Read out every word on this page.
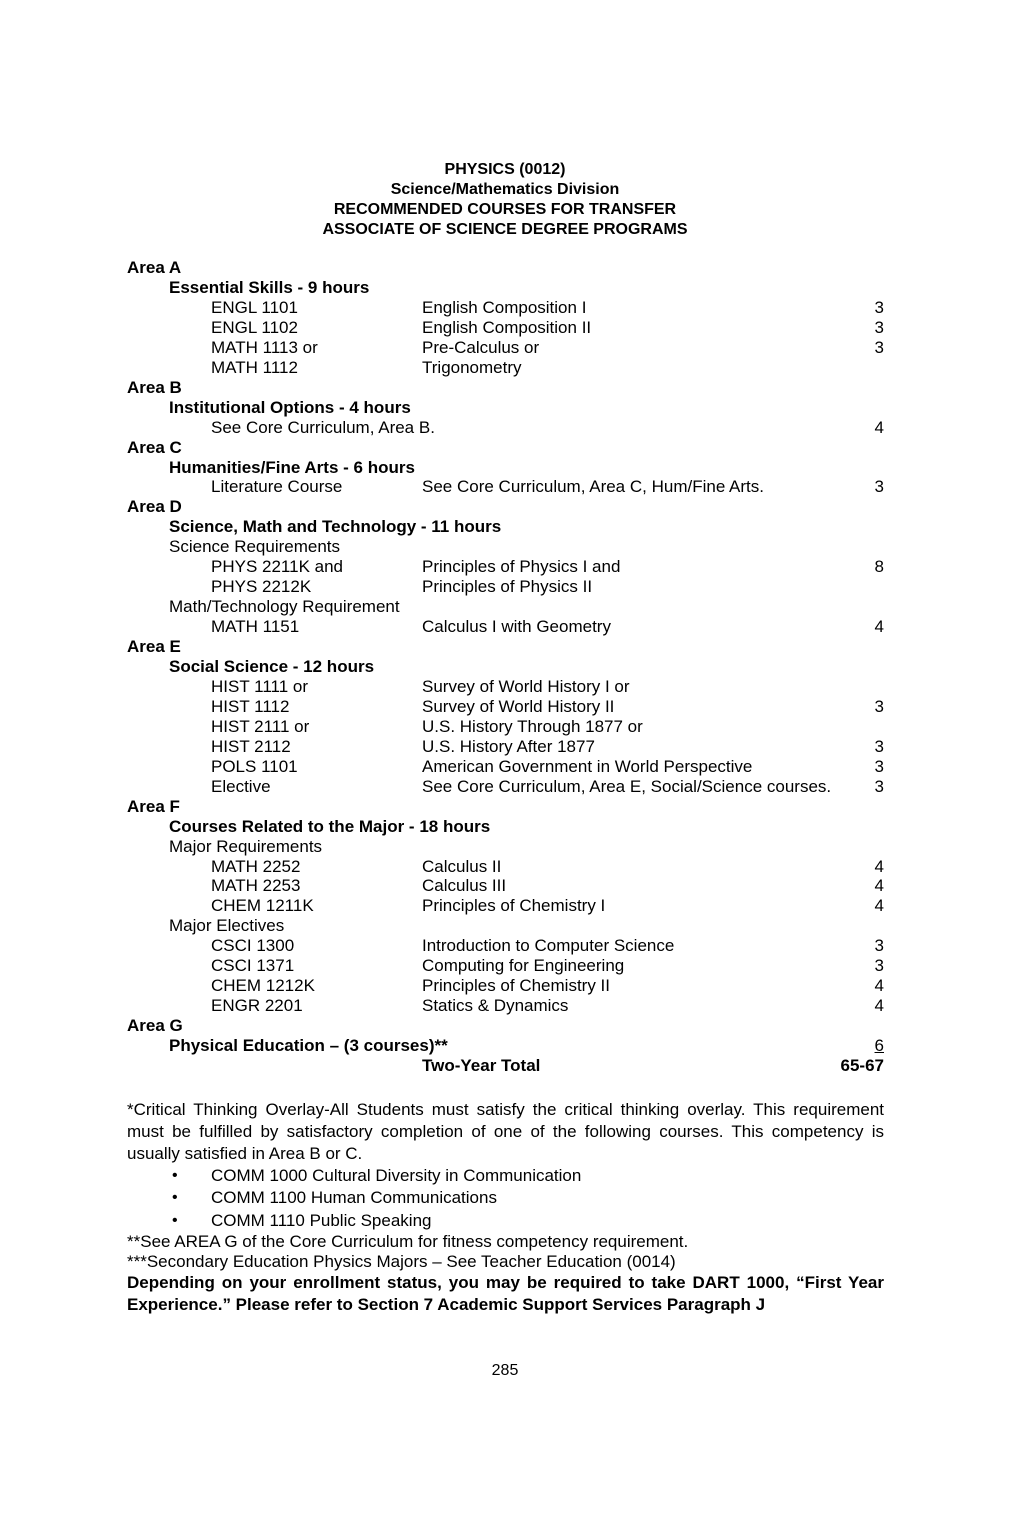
PHYSICS (0012)
Science/Mathematics Division
RECOMMENDED COURSES FOR TRANSFER
ASSOCIATE OF SCIENCE DEGREE PROGRAMS
Area A
Essential Skills - 9 hours
ENGL 1101	English Composition I	3
ENGL 1102	English Composition II	3
MATH 1113 or	Pre-Calculus or	3
MATH 1112	Trigonometry
Area B
Institutional Options - 4 hours
See Core Curriculum, Area B.	4
Area C
Humanities/Fine Arts - 6 hours
Literature Course	See Core Curriculum, Area C, Hum/Fine Arts.	3
Area D
Science, Math and Technology - 11 hours
Science Requirements
PHYS 2211K and	Principles of Physics I and	8
PHYS 2212K	Principles of Physics II
Math/Technology Requirement
MATH 1151	Calculus I with Geometry	4
Area E
Social Science - 12 hours
HIST 1111 or	Survey of World History I or
HIST 1112	Survey of World History II	3
HIST 2111 or	U.S. History Through 1877 or
HIST 2112	U.S. History After 1877	3
POLS 1101	American Government in World Perspective	3
Elective	See Core Curriculum, Area E, Social/Science courses.	3
Area F
Courses Related to the Major - 18 hours
Major Requirements
MATH 2252	Calculus II	4
MATH 2253	Calculus III	4
CHEM 1211K	Principles of Chemistry I	4
Major Electives
CSCI 1300	Introduction to Computer Science	3
CSCI 1371	Computing for Engineering	3
CHEM 1212K	Principles of Chemistry II	4
ENGR 2201	Statics & Dynamics	4
Area G
Physical Education – (3 courses)**	6
Two-Year Total	65-67
*Critical Thinking Overlay-All Students must satisfy the critical thinking overlay. This requirement must be fulfilled by satisfactory completion of one of the following courses. This competency is usually satisfied in Area B or C.
• COMM 1000 Cultural Diversity in Communication
• COMM 1100 Human Communications
• COMM 1110 Public Speaking
**See AREA G of the Core Curriculum for fitness competency requirement.
***Secondary Education Physics Majors – See Teacher Education (0014)
Depending on your enrollment status, you may be required to take DART 1000, “First Year Experience.” Please refer to Section 7 Academic Support Services Paragraph J
285
